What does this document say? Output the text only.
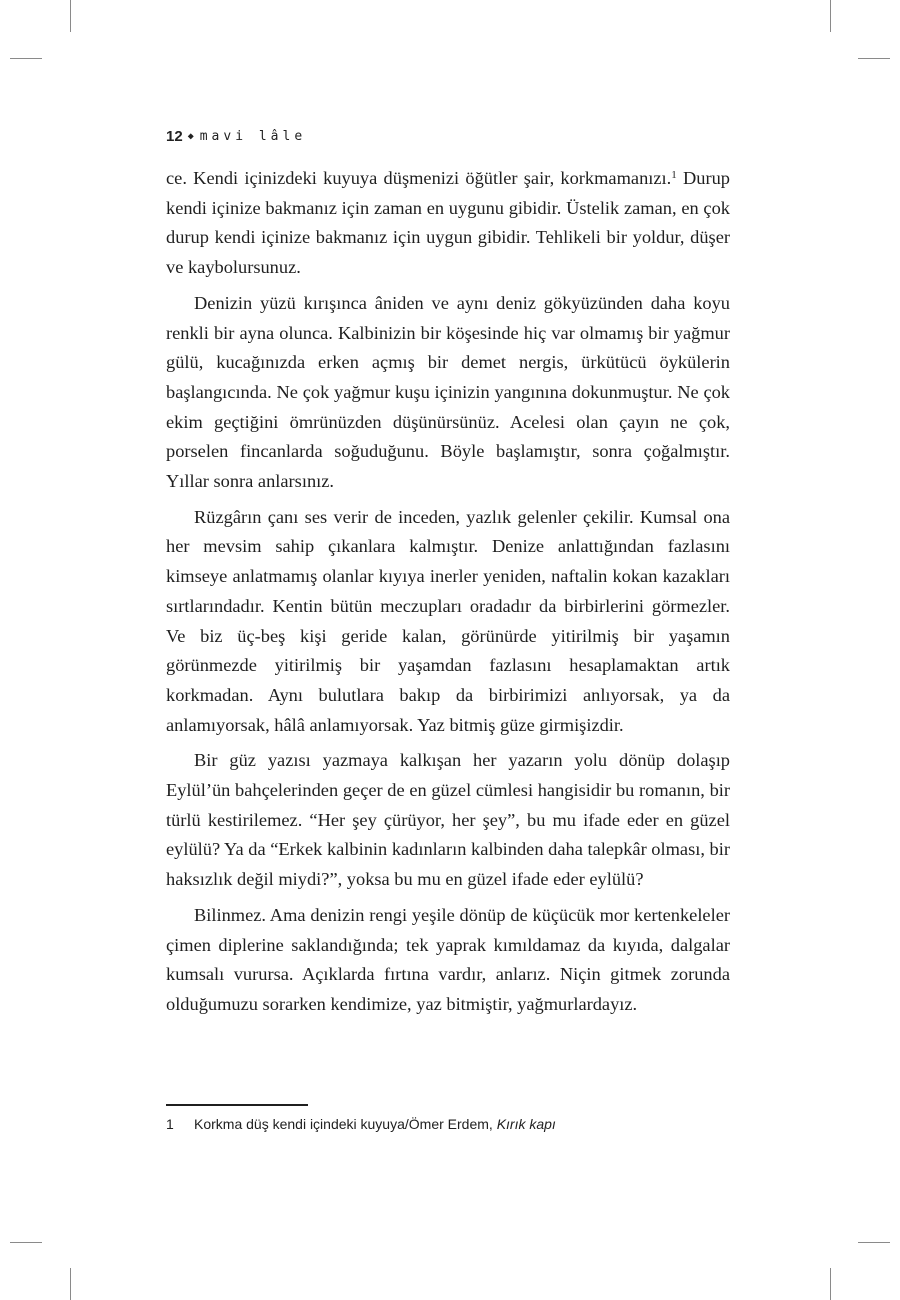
12 ◆ mavi lâle

ce. Kendi içinizdeki kuyuya düşmenizi öğütler şair, korkmamanızı.$^1$ Durup kendi içinize bakmanız için zaman en uygunu gibidir. Üstelik zaman, en çok durup kendi içinize bakmanız için uygun gibidir. Tehlikeli bir yoldur, düşer ve kaybolursunuz.

Denizin yüzü kırışınca âniden ve aynı deniz gökyüzünden daha koyu renkli bir ayna olunca. Kalbinizin bir köşesinde hiç var olmamış bir yağmur gülü, kucağınızda erken açmış bir demet nergis, ürkütücü öykülerin başlangıcında. Ne çok yağmur kuşu içinizin yangınına dokunmuştur. Ne çok ekim geçtiğini ömrünüzden düşünürsünüz. Acelesi olan çayın ne çok, porselen fincanlarda soğuduğunu. Böyle başlamıştır, sonra çoğalmıştır. Yıllar sonra anlarsınız.

Rüzgârın çanı ses verir de inceden, yazlık gelenler çekilir. Kumsal ona her mevsim sahip çıkanlara kalmıştır. Denize anlattığından fazlasını kimseye anlatmamış olanlar kıyıya inerler yeniden, naftalin kokan kazakları sırtlarındadır. Kentin bütün meczupları oradadır da birbirlerini görmezler. Ve biz üç-beş kişi geride kalan, görünürde yitirilmiş bir yaşamın görünmezde yitirilmiş bir yaşamdan fazlasını hesaplamaktan artık korkmadan. Aynı bulutlara bakıp da birbirimizi anlıyorsak, ya da anlamıyorsak, hâlâ anlamıyorsak. Yaz bitmiş güze girmişizdir.

Bir güz yazısı yazmaya kalkışan her yazarın yolu dönüp dolaşıp Eylül’ün bahçelerinden geçer de en güzel cümlesi hangisidir bu romanın, bir türlü kestirilemez. “Her şey çürüyor, her şey”, bu mu ifade eder en güzel eylülü? Ya da “Erkek kalbinin kadınların kalbinden daha talepkâr olması, bir haksızlık değil miydi?”, yoksa bu mu en güzel ifade eder eylülü?

Bilinmez. Ama denizin rengi yeşile dönüp de küçücük mor kertenkeleler çimen diplerine saklandığında; tek yaprak kımıldamaz da kıyıda, dalgalar kumsalı vurursa. Açıklarda fırtına vardır, anlarız. Niçin gitmek zorunda olduğumuzu sorarken kendimize, yaz bitmiştir, yağmurlardayız.

1 Korkma düş kendi içindeki kuyuya/Ömer Erdem, Kırık kapı
